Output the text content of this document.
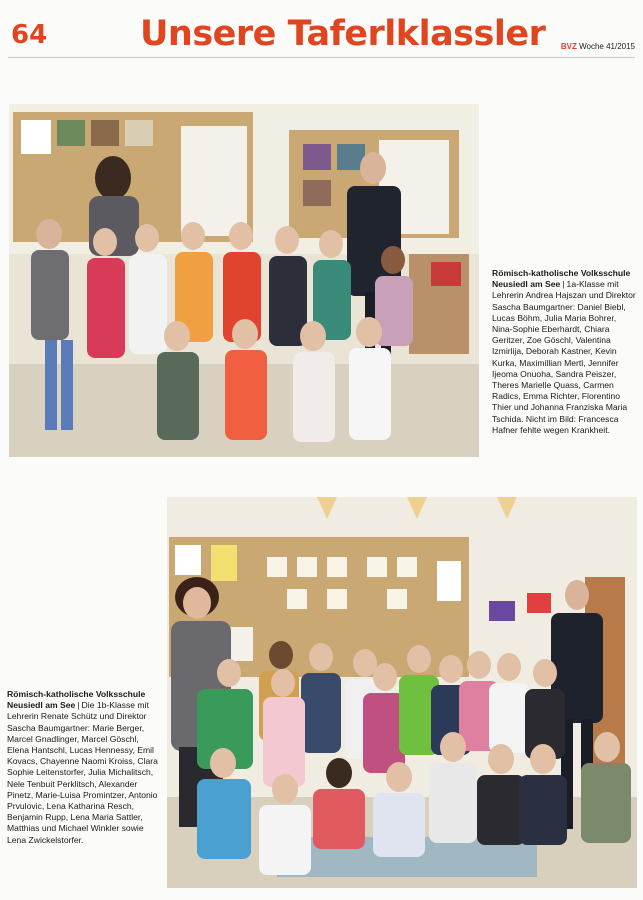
64	Unsere Taferlklassler BVZ Woche 41/2015
Römisch-katholische Volksschule Neusiedl am See | 1a-Klasse mit Lehrerin Andrea Hajszan und Direktor Sascha Baumgartner: Daniel Biebl, Lucas Böhm, Julia Maria Bohrer, Nina-Sophie Eberhardt, Chiara Geritzer, Zoe Göschl, Valentina Izmirlija, Deborah Kastner, Kevin Kurka, Maximillian Mertl, Jennifer Ijeoma Onuoha, Sandra Peiszer, Theres Marielle Quass, Carmen Radics, Emma Richter, Florentino Thier und Johanna Franziska Maria Tschida. Nicht im Bild: Francesca Hafner fehlte wegen Krankheit.
Römisch-katholische Volksschule Neusiedl am See | Die 1b-Klasse mit Lehrerin Renate Schütz und Direktor Sascha Baumgartner: Marie Berger, Marcel Gnadlinger, Marcel Göschl, Elena Hantschl, Lucas Hennessy, Emil Kovacs, Chayenne Naomi Kroiss, Clara Sophie Leitenstorfer, Julia Michalitsch, Nele Tenbuit Perklitsch, Alexander Pinetz, Marie-Luisa Promintzer, Antonio Prvulovic, Lena Katharina Resch, Benjamin Rupp, Lena Maria Sattler, Matthias und Michael Winkler sowie Lena Zwickelstorfer.
